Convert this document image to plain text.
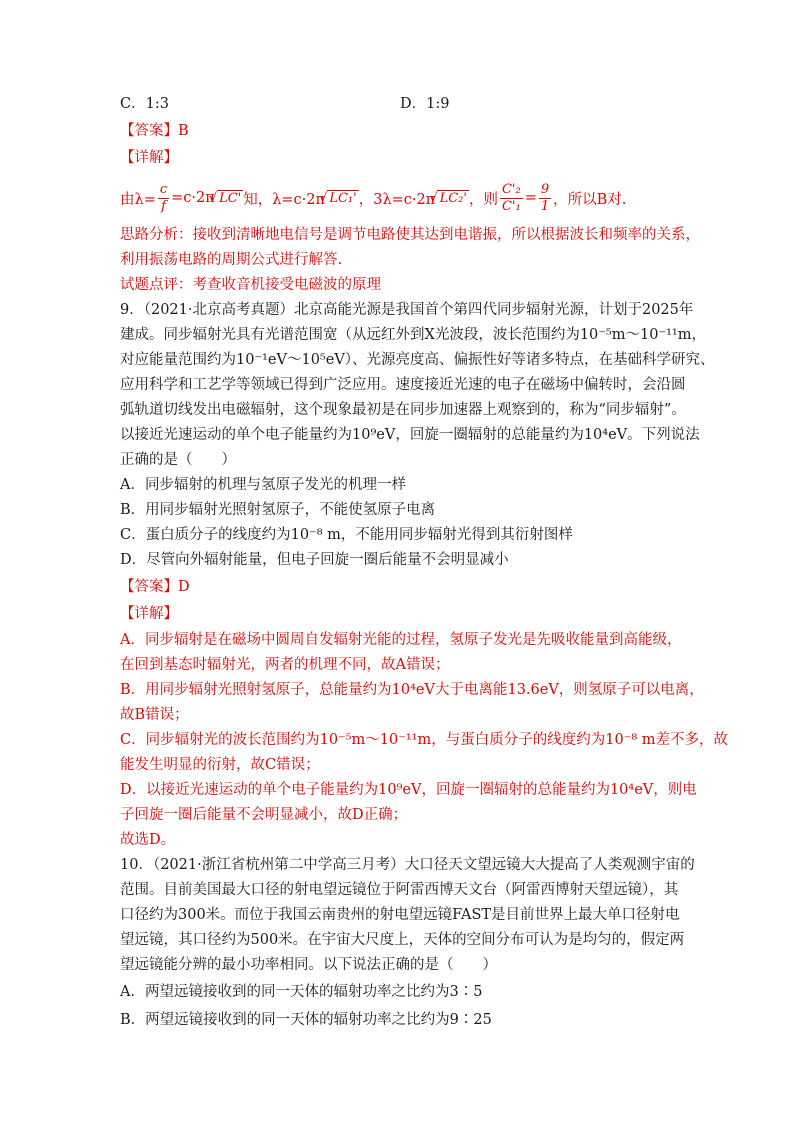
C．1:3	D．1:9
【答案】B
【详解】
由$\lambda= \frac{c}{f} =c\cdot 2\pi$ √ LC' 知，λ=c·2π √ LC₁' ，3λ=c·2π √ LC₂' ，则 $\frac{\text{C'₂}}{\text{C'₁}} = \frac{9}{1}$ ，所以B对.
思路分析：接收到清晰地电信号是调节电路使其达到电谐振，所以根据波长和频率的关系，
利用振荡电路的周期公式进行解答.
试题点评：考查收音机接受电磁波的原理
9．（2021·北京高考真题）北京高能光源是我国首个第四代同步辐射光源，计划于2025年
建成。同步辐射光具有光谱范围宽（从远红外到X光波段，波长范围约为10⁻⁵m～10⁻¹¹m，
对应能量范围约为10⁻¹eV～10⁵eV）、光源亮度高、偏振性好等诸多特点，在基础科学研究、
应用科学和工艺学等领域已得到广泛应用。速度接近光速的电子在磁场中偏转时，会沿圆
弧轨道切线发出电磁辐射，这个现象最初是在同步加速器上观察到的，称为“同步辐射”。
以接近光速运动的单个电子能量约为10⁹eV，回旋一圈辐射的总能量约为10⁴eV。下列说法
正确的是（　　）
A．同步辐射的机理与氢原子发光的机理一样
B．用同步辐射光照射氢原子，不能使氢原子电离
C．蛋白质分子的线度约为10⁻⁸ m，不能用同步辐射光得到其衍射图样
D．尽管向外辐射能量，但电子回旋一圈后能量不会明显减小
【答案】D
【详解】
A．同步辐射是在磁场中圆周自发辐射光能的过程，氢原子发光是先吸收能量到高能级，
在回到基态时辐射光，两者的机理不同，故A错误；
B．用同步辐射光照射氢原子，总能量约为10⁴eV大于电离能13.6eV，则氢原子可以电离，
故B错误；
C．同步辐射光的波长范围约为10⁻⁵m～10⁻¹¹m，与蛋白质分子的线度约为10⁻⁸ m差不多，故
能发生明显的衍射，故C错误；
D．以接近光速运动的单个电子能量约为10⁹eV，回旋一圈辐射的总能量约为10⁴eV，则电
子回旋一圈后能量不会明显减小，故D正确；
故选D。
10．（2021·浙江省杭州第二中学高三月考）大口径天文望远镜大大提高了人类观测宇宙的
范围。目前美国最大口径的射电望远镜位于阿雷西博天文台（阿雷西博射天望远镜），其
口径约为300米。而位于我国云南贵州的射电望远镜FAST是目前世界上最大单口径射电
望远镜，其口径约为500米。在宇宙大尺度上，天体的空间分布可认为是均匀的，假定两
望远镜能分辨的最小功率相同。以下说法正确的是（　　）
A．两望远镜接收到的同一天体的辐射功率之比约为3∶5
B．两望远镜接收到的同一天体的辐射功率之比约为9∶25
